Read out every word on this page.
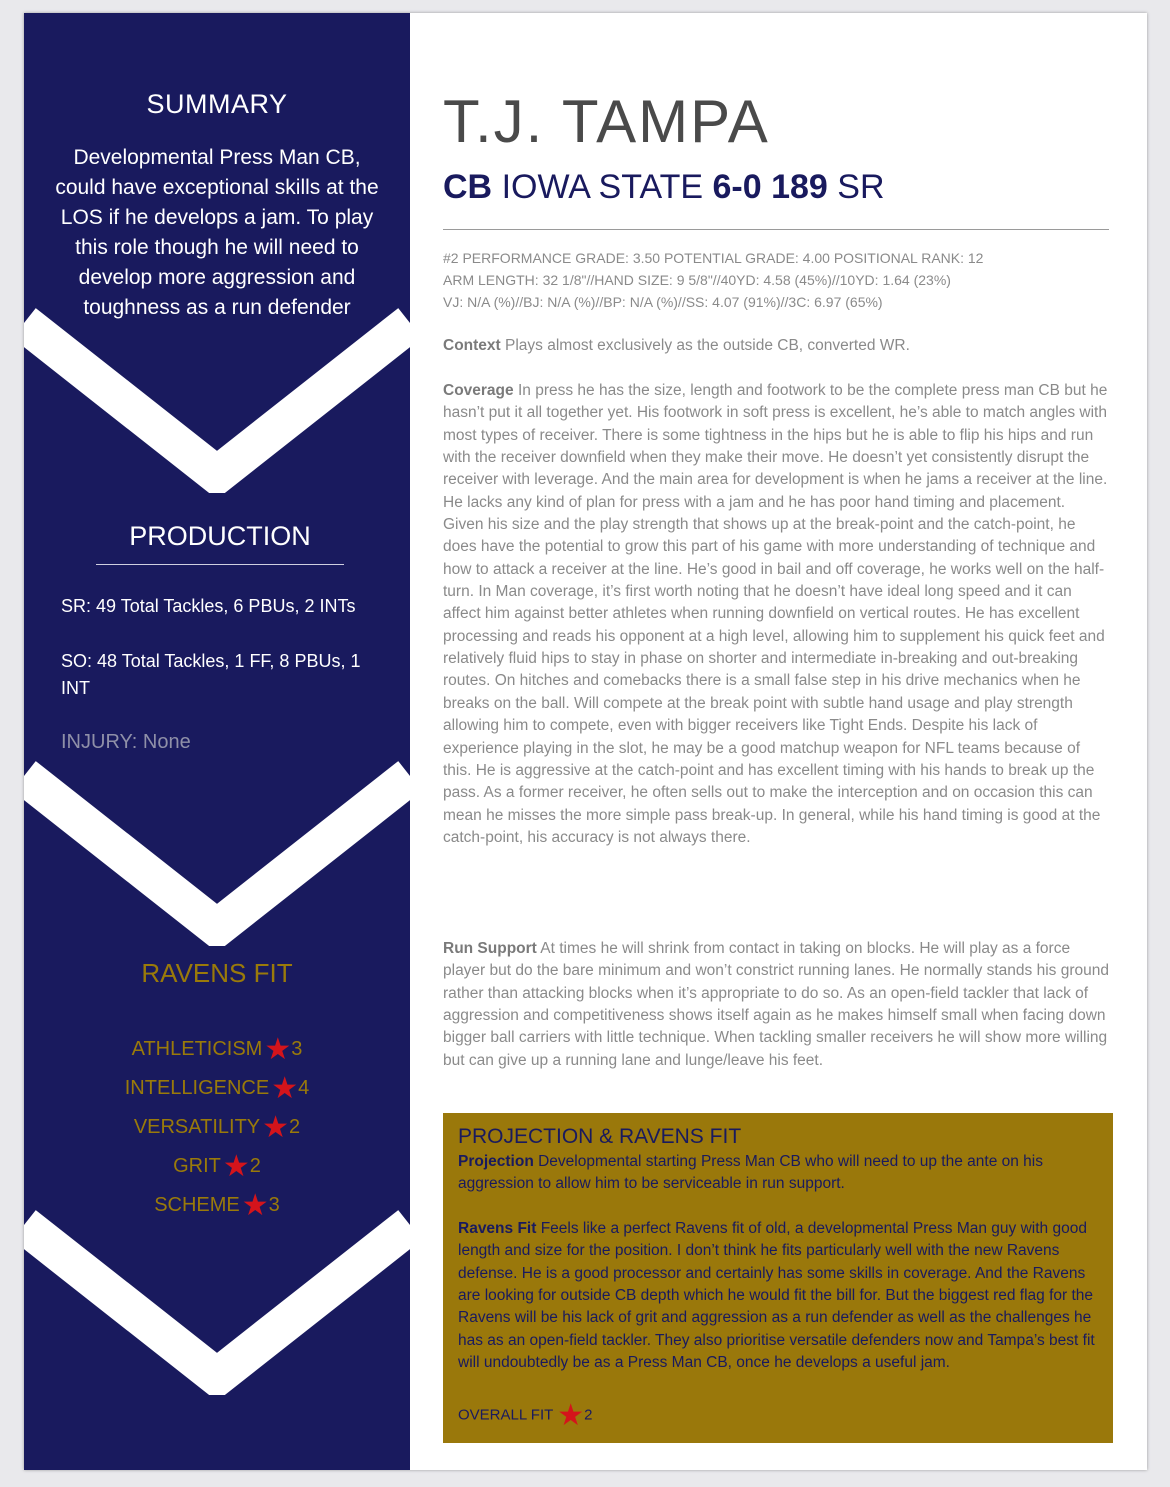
SUMMARY
Developmental Press Man CB, could have exceptional skills at the LOS if he develops a jam. To play this role though he will need to develop more aggression and toughness as a run defender
PRODUCTION
SR: 49 Total Tackles, 6 PBUs, 2 INTs
SO: 48 Total Tackles, 1 FF, 8 PBUs, 1 INT
INJURY: None
RAVENS FIT
ATHLETICISM★3
INTELLIGENCE★4
VERSATILITY★2
GRIT★2
SCHEME★3
T.J. TAMPA
CB IOWA STATE 6-0 189 SR
#2 PERFORMANCE GRADE: 3.50 POTENTIAL GRADE: 4.00 POSITIONAL RANK: 12
ARM LENGTH: 32 1/8"//HAND SIZE: 9 5/8"//40YD: 4.58 (45%)//10YD: 1.64 (23%)
VJ: N/A (%)//BJ: N/A (%)//BP: N/A (%)//SS: 4.07 (91%)//3C: 6.97 (65%)
Context Plays almost exclusively as the outside CB, converted WR.
Coverage In press he has the size, length and footwork to be the complete press man CB but he hasn’t put it all together yet. His footwork in soft press is excellent, he’s able to match angles with most types of receiver. There is some tightness in the hips but he is able to flip his hips and run with the receiver downfield when they make their move. He doesn’t yet consistently disrupt the receiver with leverage. And the main area for development is when he jams a receiver at the line. He lacks any kind of plan for press with a jam and he has poor hand timing and placement. Given his size and the play strength that shows up at the break-point and the catch-point, he does have the potential to grow this part of his game with more understanding of technique and how to attack a receiver at the line. He’s good in bail and off coverage, he works well on the half-turn. In Man coverage, it’s first worth noting that he doesn’t have ideal long speed and it can affect him against better athletes when running downfield on vertical routes. He has excellent processing and reads his opponent at a high level, allowing him to supplement his quick feet and relatively fluid hips to stay in phase on shorter and intermediate in-breaking and out-breaking routes. On hitches and comebacks there is a small false step in his drive mechanics when he breaks on the ball. Will compete at the break point with subtle hand usage and play strength allowing him to compete, even with bigger receivers like Tight Ends. Despite his lack of experience playing in the slot, he may be a good matchup weapon for NFL teams because of this. He is aggressive at the catch-point and has excellent timing with his hands to break up the pass. As a former receiver, he often sells out to make the interception and on occasion this can mean he misses the more simple pass break-up. In general, while his hand timing is good at the catch-point, his accuracy is not always there.
Run Support At times he will shrink from contact in taking on blocks. He will play as a force player but do the bare minimum and won’t constrict running lanes. He normally stands his ground rather than attacking blocks when it’s appropriate to do so. As an open-field tackler that lack of aggression and competitiveness shows itself again as he makes himself small when facing down bigger ball carriers with little technique. When tackling smaller receivers he will show more willing but can give up a running lane and lunge/leave his feet.
PROJECTION & RAVENS FIT
Projection Developmental starting Press Man CB who will need to up the ante on his aggression to allow him to be serviceable in run support.
Ravens Fit Feels like a perfect Ravens fit of old, a developmental Press Man guy with good length and size for the position. I don’t think he fits particularly well with the new Ravens defense. He is a good processor and certainly has some skills in coverage. And the Ravens are looking for outside CB depth which he would fit the bill for. But the biggest red flag for the Ravens will be his lack of grit and aggression as a run defender as well as the challenges he has as an open-field tackler. They also prioritise versatile defenders now and Tampa’s best fit will undoubtedly be as a Press Man CB, once he develops a useful jam.
OVERALL FIT ★2
